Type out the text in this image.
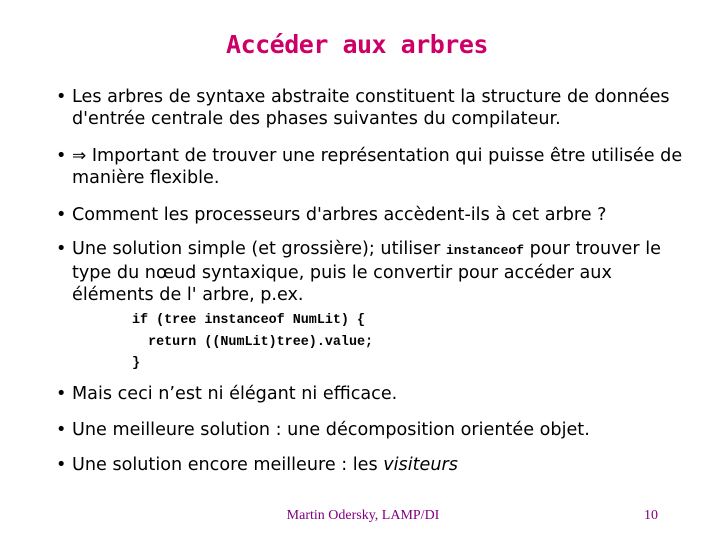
Accéder aux arbres
• Les arbres de syntaxe abstraite constituent la structure de données d'entrée centrale des phases suivantes du compilateur.
• ⇒ Important de trouver une représentation qui puisse être utilisée de manière flexible.
• Comment les processeurs d'arbres accèdent-ils à cet arbre ?
• Une solution simple (et grossière); utiliser instanceof pour trouver le type du nœud syntaxique, puis le convertir pour accéder aux éléments de l' arbre, p.ex.
if (tree instanceof NumLit) {
return ((NumLit)tree).value;
}
• Mais ceci n’est ni élégant ni efficace.
• Une meilleure solution : une décomposition orientée objet.
• Une solution encore meilleure : les visiteurs
Martin Odersky, LAMP/DI	10
